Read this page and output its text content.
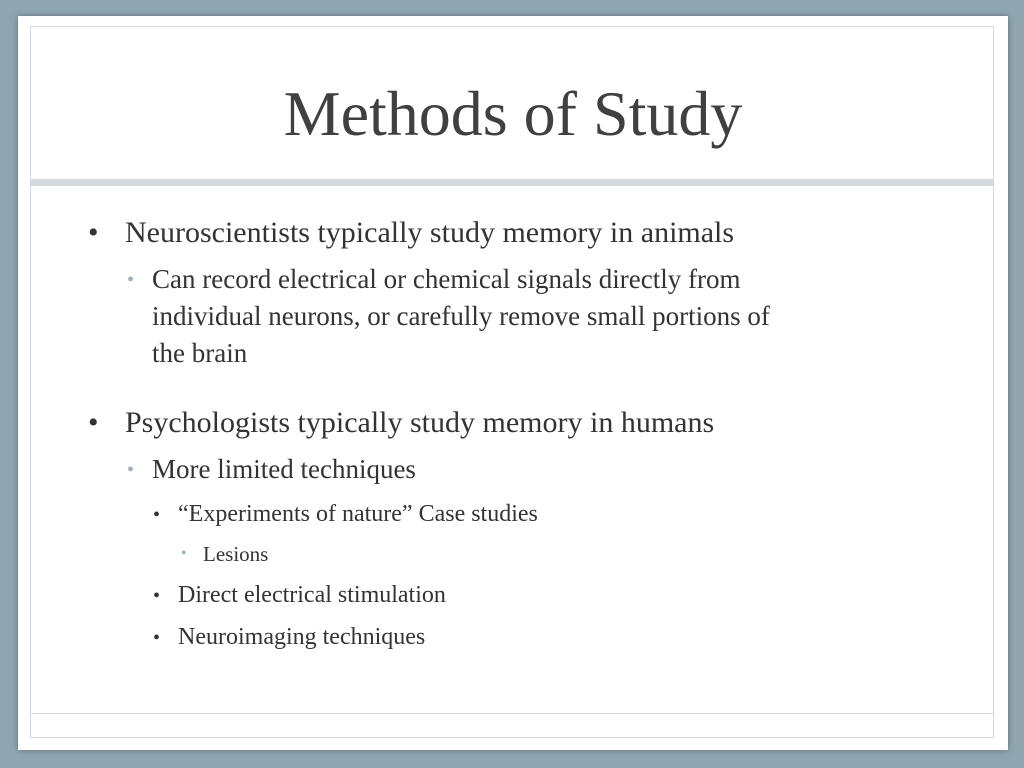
Methods of Study
• Neuroscientists typically study memory in animals
• Can record electrical or chemical signals directly from
individual neurons, or carefully remove small portions of
the brain
• Psychologists typically study memory in humans
• More limited techniques
• “Experiments of nature” Case studies
• Lesions
• Direct electrical stimulation
• Neuroimaging techniques
